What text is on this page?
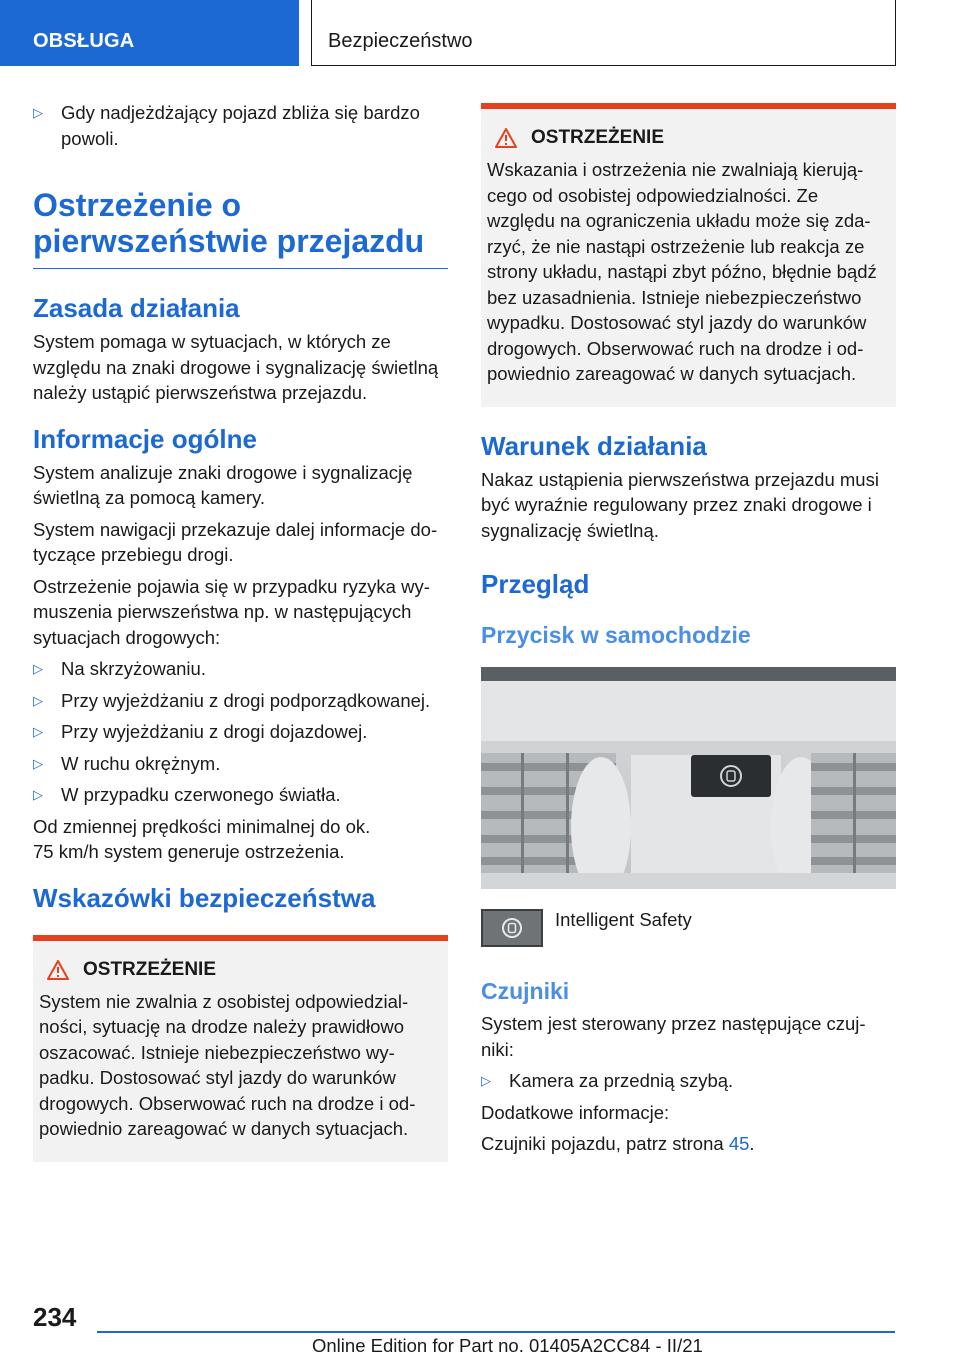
OBSŁUGA	Bezpieczeństwo
▷ Gdy nadjeżdżający pojazd zbliża się bardzo powoli.
Ostrzeżenie o pierwszeństwie przejazdu
Zasada działania

System pomaga w sytuacjach, w których ze względu na znaki drogowe i sygnalizację świetlną należy ustąpić pierwszeństwa przejazdu.

Informacje ogólne

System analizuje znaki drogowe i sygnalizację świetlną za pomocą kamery.

System nawigacji przekazuje dalej informacje do-tyczące przebiegu drogi.

Ostrzeżenie pojawia się w przypadku ryzyka wy-muszenia pierwszeństwa np. w następujących sytuacjach drogowych:

▷ Na skrzyżowaniu.
▷ Przy wyjeżdżaniu z drogi podporządkowanej.
▷ Przy wyjeżdżaniu z drogi dojazdowej.
▷ W ruchu okrężnym.
▷ W przypadku czerwonego światła.

Od zmiennej prędkości minimalnej do ok.

75 km/h system generuje ostrzeżenia.

Wskazówki bezpieczeństwa
OSTRZEŻENIE

System nie zwalnia z osobistej odpowiedzial-ności, sytuację na drodze należy prawidłowo oszacować. Istnieje niebezpieczeństwo wy-padku. Dostosować styl jazdy do warunków drogowych. Obserwować ruch na drodze i od-powiednio zareagować w danych sytuacjach.

OSTRZEŻENIE

Wskazania i ostrzeżenia nie zwalniają kierują-cego od osobistej odpowiedzialności. Ze względu na ograniczenia układu może się zda-rzyć, że nie nastąpi ostrzeżenie lub reakcja ze strony układu, nastąpi zbyt późno, błędnie bądź bez uzasadnienia. Istnieje niebezpieczeństwo wypadku. Dostosować styl jazdy do warunków drogowych. Obserwować ruch na drodze i od-powiednio zareagować w danych sytuacjach.

Warunek działania

Nakaz ustąpienia pierwszeństwa przejazdu musi być wyraźnie regulowany przez znaki drogowe i sygnalizację świetlną.

Przegląd
Przycisk w samochodzie
Intelligent Safety
Czujniki

System jest sterowany przez następujące czuj-niki:

▷ Kamera za przednią szybą.

Dodatkowe informacje:

Czujniki pojazdu, patrz strona 45.

234
Online Edition for Part no. 01405A2CC84 - II/21
